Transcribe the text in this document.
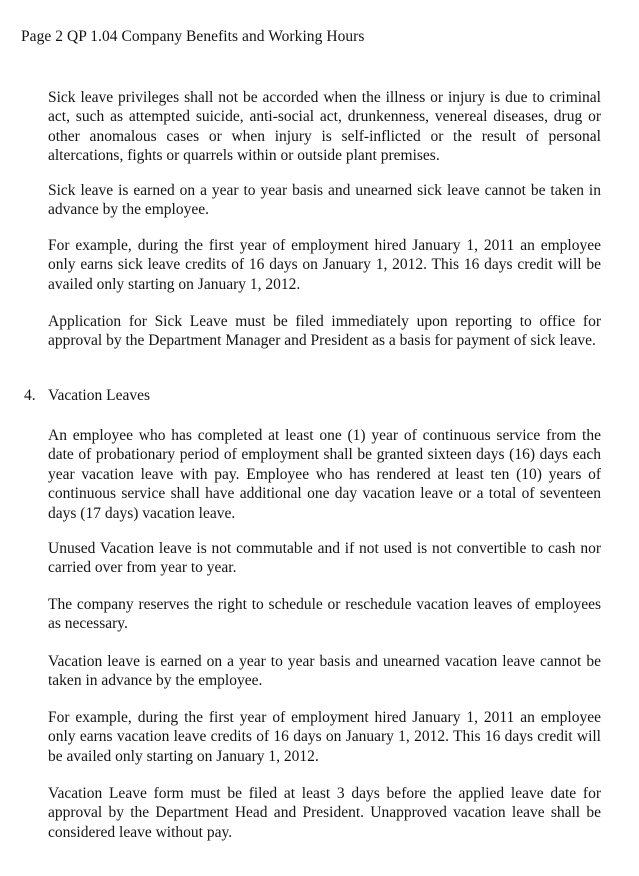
Page 2 QP 1.04 Company Benefits and Working Hours

Sick leave privileges shall not be accorded when the illness or injury is due to criminal act, such as attempted suicide, anti-social act, drunkenness, venereal diseases, drug or other anomalous cases or when injury is self-inflicted or the result of personal altercations, fights or quarrels within or outside plant premises.

Sick leave is earned on a year to year basis and unearned sick leave cannot be taken in advance by the employee.

For example, during the first year of employment hired January 1, 2011 an employee only earns sick leave credits of 16 days on January 1, 2012. This 16 days credit will be availed only starting on January 1, 2012.

Application for Sick Leave must be filed immediately upon reporting to office for approval by the Department Manager and President as a basis for payment of sick leave.

4. Vacation Leaves

An employee who has completed at least one (1) year of continuous service from the date of probationary period of employment shall be granted sixteen days (16) days each year vacation leave with pay. Employee who has rendered at least ten (10) years of continuous service shall have additional one day vacation leave or a total of seventeen days (17 days) vacation leave.

Unused Vacation leave is not commutable and if not used is not convertible to cash nor carried over from year to year.

The company reserves the right to schedule or reschedule vacation leaves of employees as necessary.

Vacation leave is earned on a year to year basis and unearned vacation leave cannot be taken in advance by the employee.

For example, during the first year of employment hired January 1, 2011 an employee only earns vacation leave credits of 16 days on January 1, 2012. This 16 days credit will be availed only starting on January 1, 2012.

Vacation Leave form must be filed at least 3 days before the applied leave date for approval by the Department Head and President. Unapproved vacation leave shall be considered leave without pay.
